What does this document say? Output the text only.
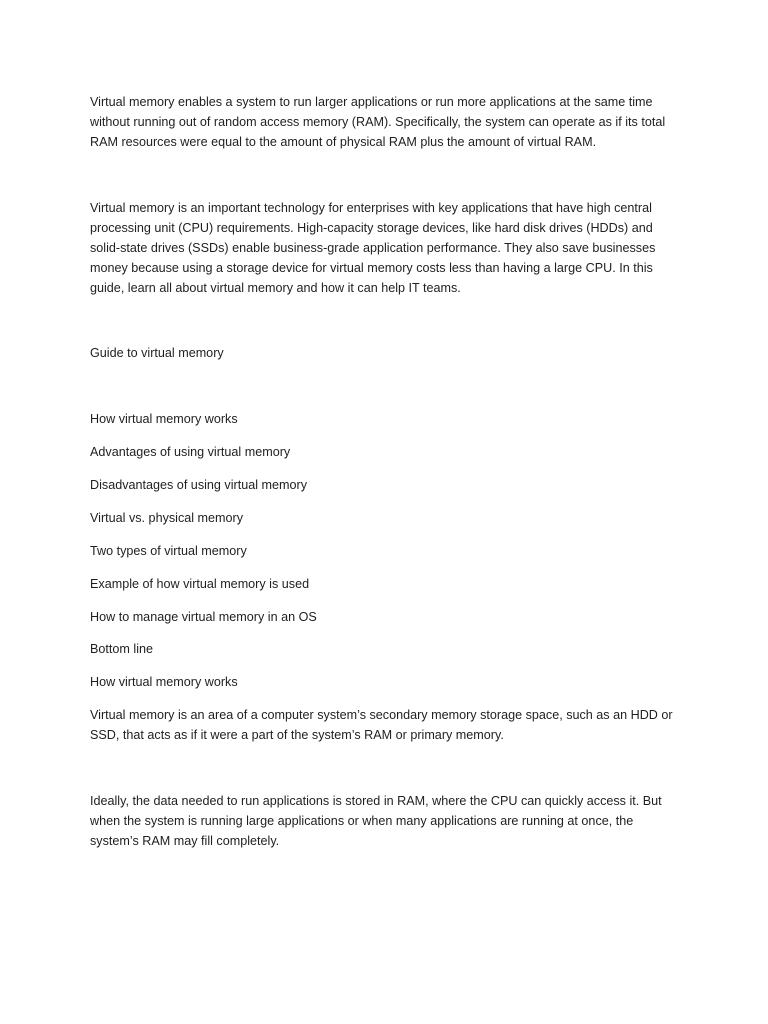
Virtual memory enables a system to run larger applications or run more applications at the same time
without running out of random access memory (RAM). Specifically, the system can operate as if its total
RAM resources were equal to the amount of physical RAM plus the amount of virtual RAM.

Virtual memory is an important technology for enterprises with key applications that have high central
processing unit (CPU) requirements. High-capacity storage devices, like hard disk drives (HDDs) and
solid-state drives (SSDs) enable business-grade application performance. They also save businesses
money because using a storage device for virtual memory costs less than having a large CPU. In this
guide, learn all about virtual memory and how it can help IT teams.

Guide to virtual memory

How virtual memory works

Advantages of using virtual memory

Disadvantages of using virtual memory

Virtual vs. physical memory

Two types of virtual memory

Example of how virtual memory is used

How to manage virtual memory in an OS

Bottom line

How virtual memory works

Virtual memory is an area of a computer system’s secondary memory storage space, such as an HDD or
SSD, that acts as if it were a part of the system’s RAM or primary memory.

Ideally, the data needed to run applications is stored in RAM, where the CPU can quickly access it. But
when the system is running large applications or when many applications are running at once, the
system’s RAM may fill completely.
